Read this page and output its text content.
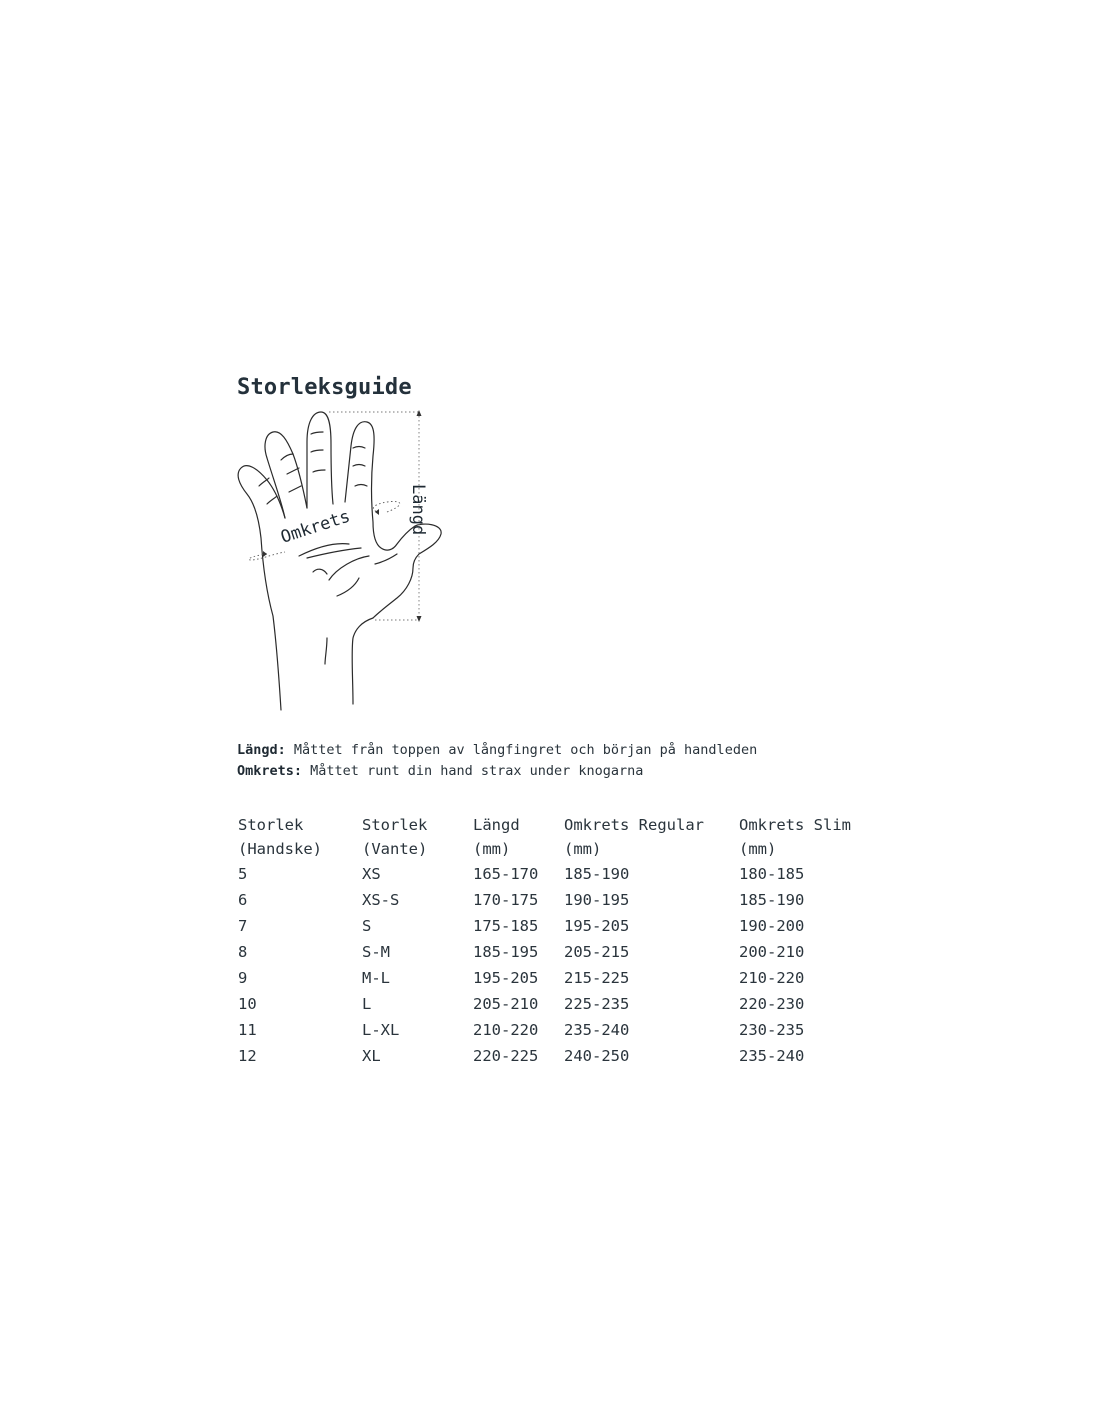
Storleksguide
Omkrets	Längd
Längd: Måttet från toppen av långfingret och början på handleden
Omkrets: Måttet runt din hand strax under knogarna
Storlek	Storlek	Längd	Omkrets Regular	Omkrets Slim
(Handske)	(Vante)	(mm)	(mm)	(mm)
5	XS	165-170	185-190	180-185
6	XS-S	170-175	190-195	185-190
7	S	175-185	195-205	190-200
8	S-M	185-195	205-215	200-210
9	M-L	195-205	215-225	210-220
10	L	205-210	225-235	220-230
11	L-XL	210-220	235-240	230-235
12	XL	220-225	240-250	235-240
